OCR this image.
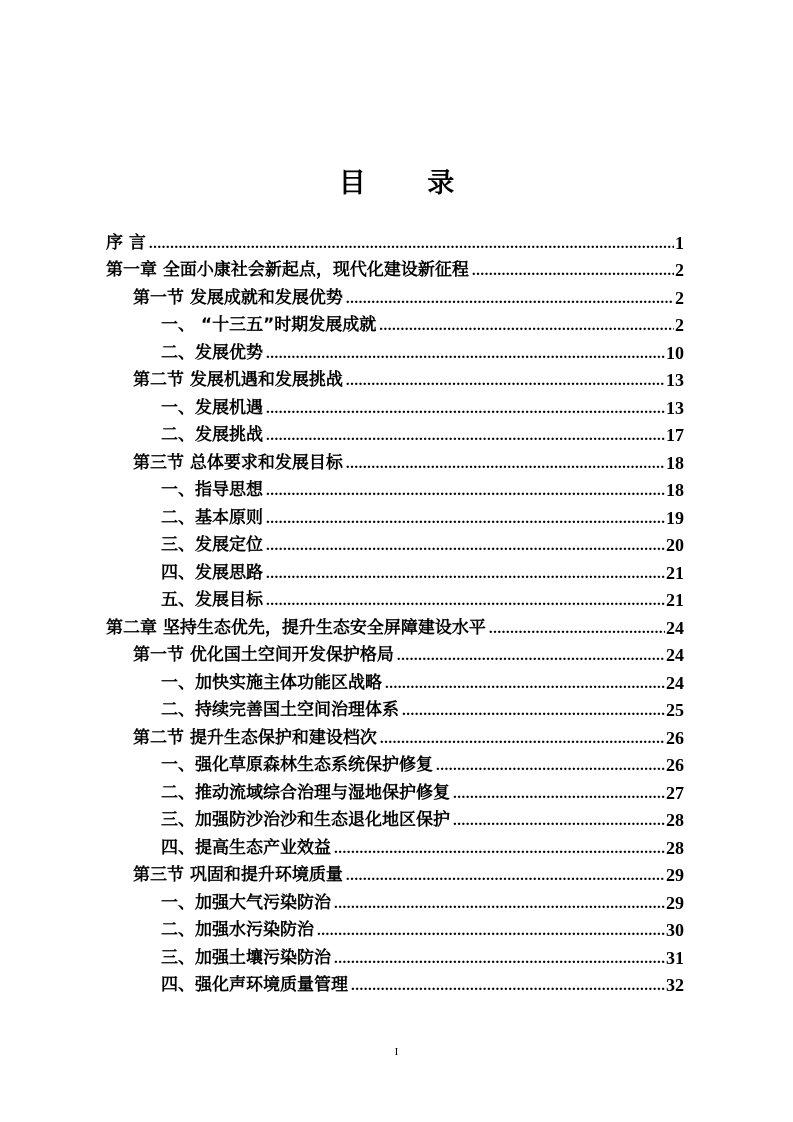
目 录
序 言 .....	1
第一章 全面小康社会新起点，现代化建设新征程 .....	2
第一节 发展成就和发展优势 .....	2
一、 “十三五”时期发展成就 .....	2
二、发展优势 .....	10
第二节 发展机遇和发展挑战 .....	13
一、发展机遇 .....	13
二、发展挑战 .....	17
第三节 总体要求和发展目标 .....	18
一、指导思想 .....	18
二、基本原则 .....	19
三、发展定位 .....	20
四、发展思路 .....	21
五、发展目标 .....	21
第二章 坚持生态优先，提升生态安全屏障建设水平 .....	24
第一节 优化国土空间开发保护格局 .....	24
一、加快实施主体功能区战略 .....	24
二、持续完善国土空间治理体系 .....	25
第二节 提升生态保护和建设档次 .....	26
一、强化草原森林生态系统保护修复 .....	26
二、推动流域综合治理与湿地保护修复 .....	27
三、加强防沙治沙和生态退化地区保护 .....	28
四、提高生态产业效益 .....	28
第三节 巩固和提升环境质量 .....	29
一、加强大气污染防治 .....	29
二、加强水污染防治 .....	30
三、加强土壤污染防治 .....	31
四、强化声环境质量管理 .....	32
I
